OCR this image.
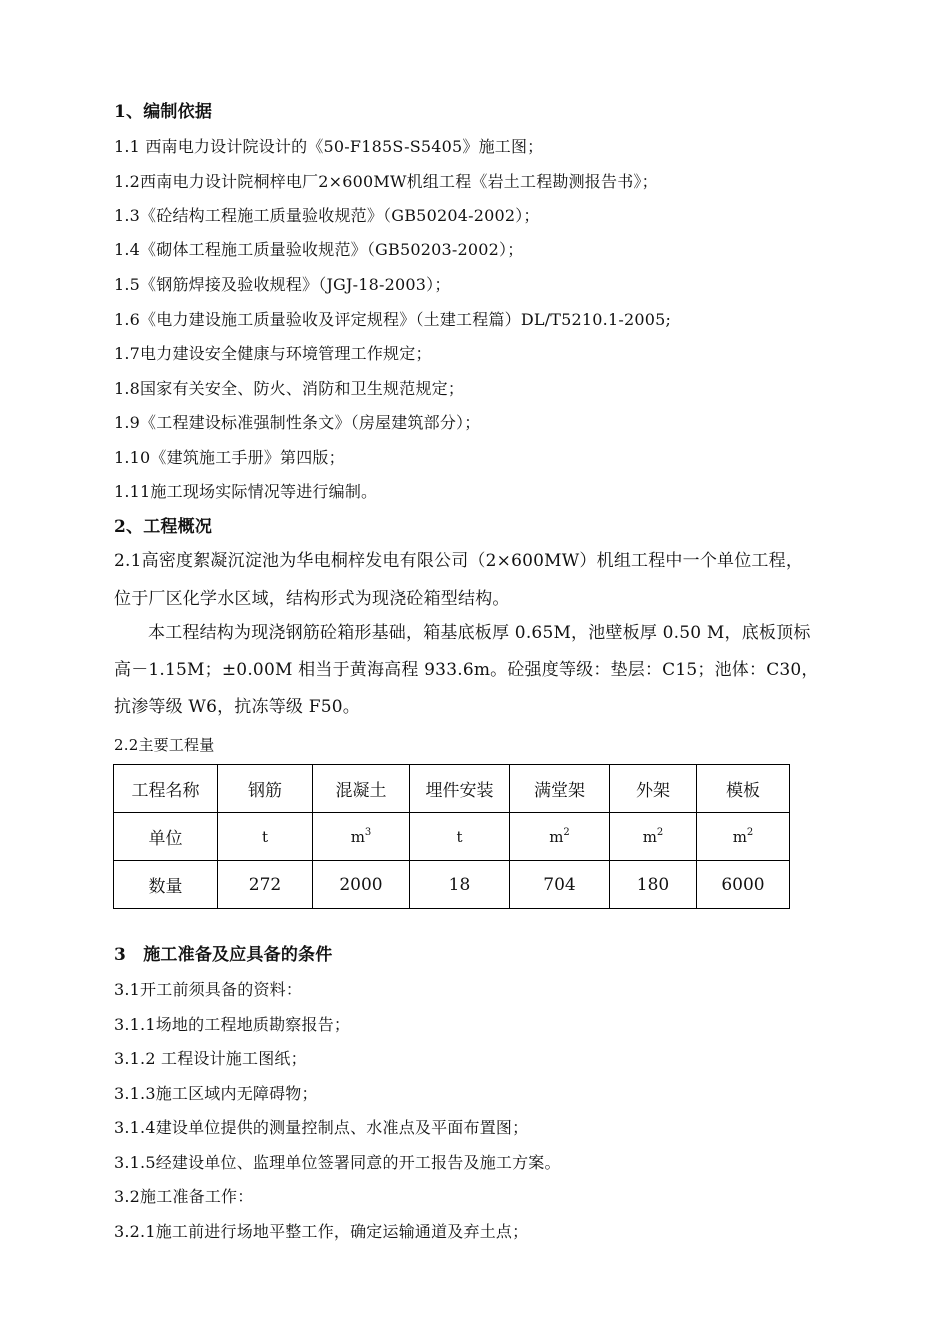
1、编制依据
1.1 西南电力设计院设计的《50-F185S-S5405》施工图；
1.2西南电力设计院桐梓电厂2×600MW机组工程《岩土工程勘测报告书》；
1.3《砼结构工程施工质量验收规范》（GB50204-2002）；
1.4《砌体工程施工质量验收规范》（GB50203-2002）；
1.5《钢筋焊接及验收规程》（JGJ-18-2003）；
1.6《电力建设施工质量验收及评定规程》（土建工程篇）DL/T5210.1-2005;
1.7电力建设安全健康与环境管理工作规定；
1.8国家有关安全、防火、消防和卫生规范规定；
1.9《工程建设标准强制性条文》（房屋建筑部分）；
1.10《建筑施工手册》第四版；
1.11施工现场实际情况等进行编制。
2、工程概况
2.1高密度絮凝沉淀池为华电桐梓发电有限公司（2×600MW）机组工程中一个单位工程，
位于厂区化学水区域，结构形式为现浇砼箱型结构。
本工程结构为现浇钢筋砼箱形基础，箱基底板厚 0.65M，池壁板厚 0.50 M，底板顶标
高－1.15M；±0.00M 相当于黄海高程 933.6m。砼强度等级：垫层：C15；池体：C30，
抗渗等级 W6，抗冻等级 F50。
2.2主要工程量
工程名称	钢筋	混凝土	埋件安装	满堂架	外架	模板
单位	t	$m^3$	t	$m^2$	$m^2$	$m^2$
数量	272	2000	18	704	180	6000
3　施工准备及应具备的条件
3.1开工前须具备的资料：
3.1.1场地的工程地质勘察报告；
3.1.2 工程设计施工图纸；
3.1.3施工区域内无障碍物；
3.1.4建设单位提供的测量控制点、水准点及平面布置图；
3.1.5经建设单位、监理单位签署同意的开工报告及施工方案。
3.2施工准备工作：
3.2.1施工前进行场地平整工作，确定运输通道及弃土点；
